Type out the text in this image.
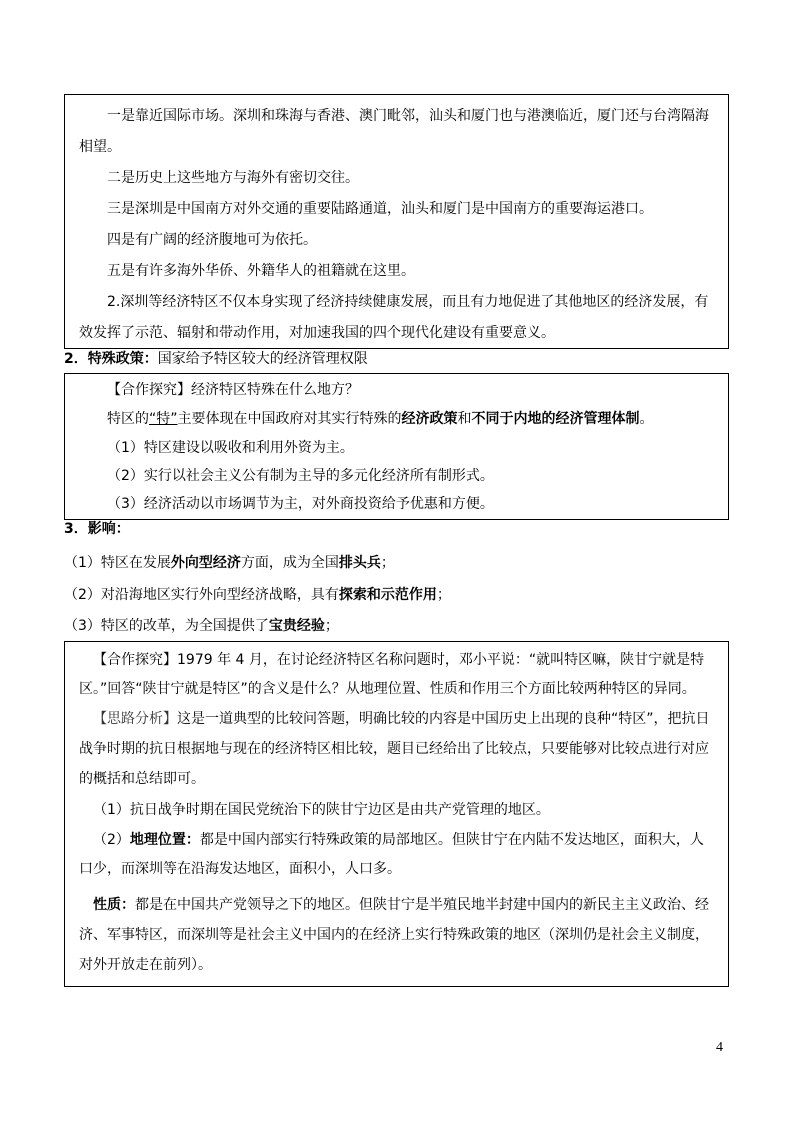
一是靠近国际市场。深圳和珠海与香港、澳门毗邻，汕头和厦门也与港澳临近，厦门还与台湾隔海相望。

二是历史上这些地方与海外有密切交往。

三是深圳是中国南方对外交通的重要陆路通道，汕头和厦门是中国南方的重要海运港口。

四是有广阔的经济腹地可为依托。

五是有许多海外华侨、外籍华人的祖籍就在这里。

2.深圳等经济特区不仅本身实现了经济持续健康发展，而且有力地促进了其他地区的经济发展，有效发挥了示范、辐射和带动作用，对加速我国的四个现代化建设有重要意义。

2．特殊政策：国家给予特区较大的经济管理权限

【合作探究】经济特区特殊在什么地方？

特区的“特”主要体现在中国政府对其实行特殊的经济政策和不同于内地的经济管理体制。

（1）特区建设以吸收和利用外资为主。

（2）实行以社会主义公有制为主导的多元化经济所有制形式。

（3）经济活动以市场调节为主，对外商投资给予优惠和方便。

3．影响：

（1）特区在发展外向型经济方面，成为全国排头兵；

（2）对沿海地区实行外向型经济战略，具有探索和示范作用；

（3）特区的改革，为全国提供了宝贵经验；

【合作探究】1979 年 4 月，在讨论经济特区名称问题时，邓小平说：“就叫特区嘛，陕甘宁就是特区。”回答“陕甘宁就是特区”的含义是什么？从地理位置、性质和作用三个方面比较两种特区的异同。

【思路分析】这是一道典型的比较问答题，明确比较的内容是中国历史上出现的良种“特区”，把抗日战争时期的抗日根据地与现在的经济特区相比较，题目已经给出了比较点，只要能够对比较点进行对应的概括和总结即可。

（1）抗日战争时期在国民党统治下的陕甘宁边区是由共产党管理的地区。

（2）地理位置：都是中国内部实行特殊政策的局部地区。但陕甘宁在内陆不发达地区，面积大，人口少，而深圳等在沿海发达地区，面积小，人口多。

性质：都是在中国共产党领导之下的地区。但陕甘宁是半殖民地半封建中国内的新民主主义政治、经济、军事特区，而深圳等是社会主义中国内的在经济上实行特殊政策的地区（深圳仍是社会主义制度，对外开放走在前列）。

4
